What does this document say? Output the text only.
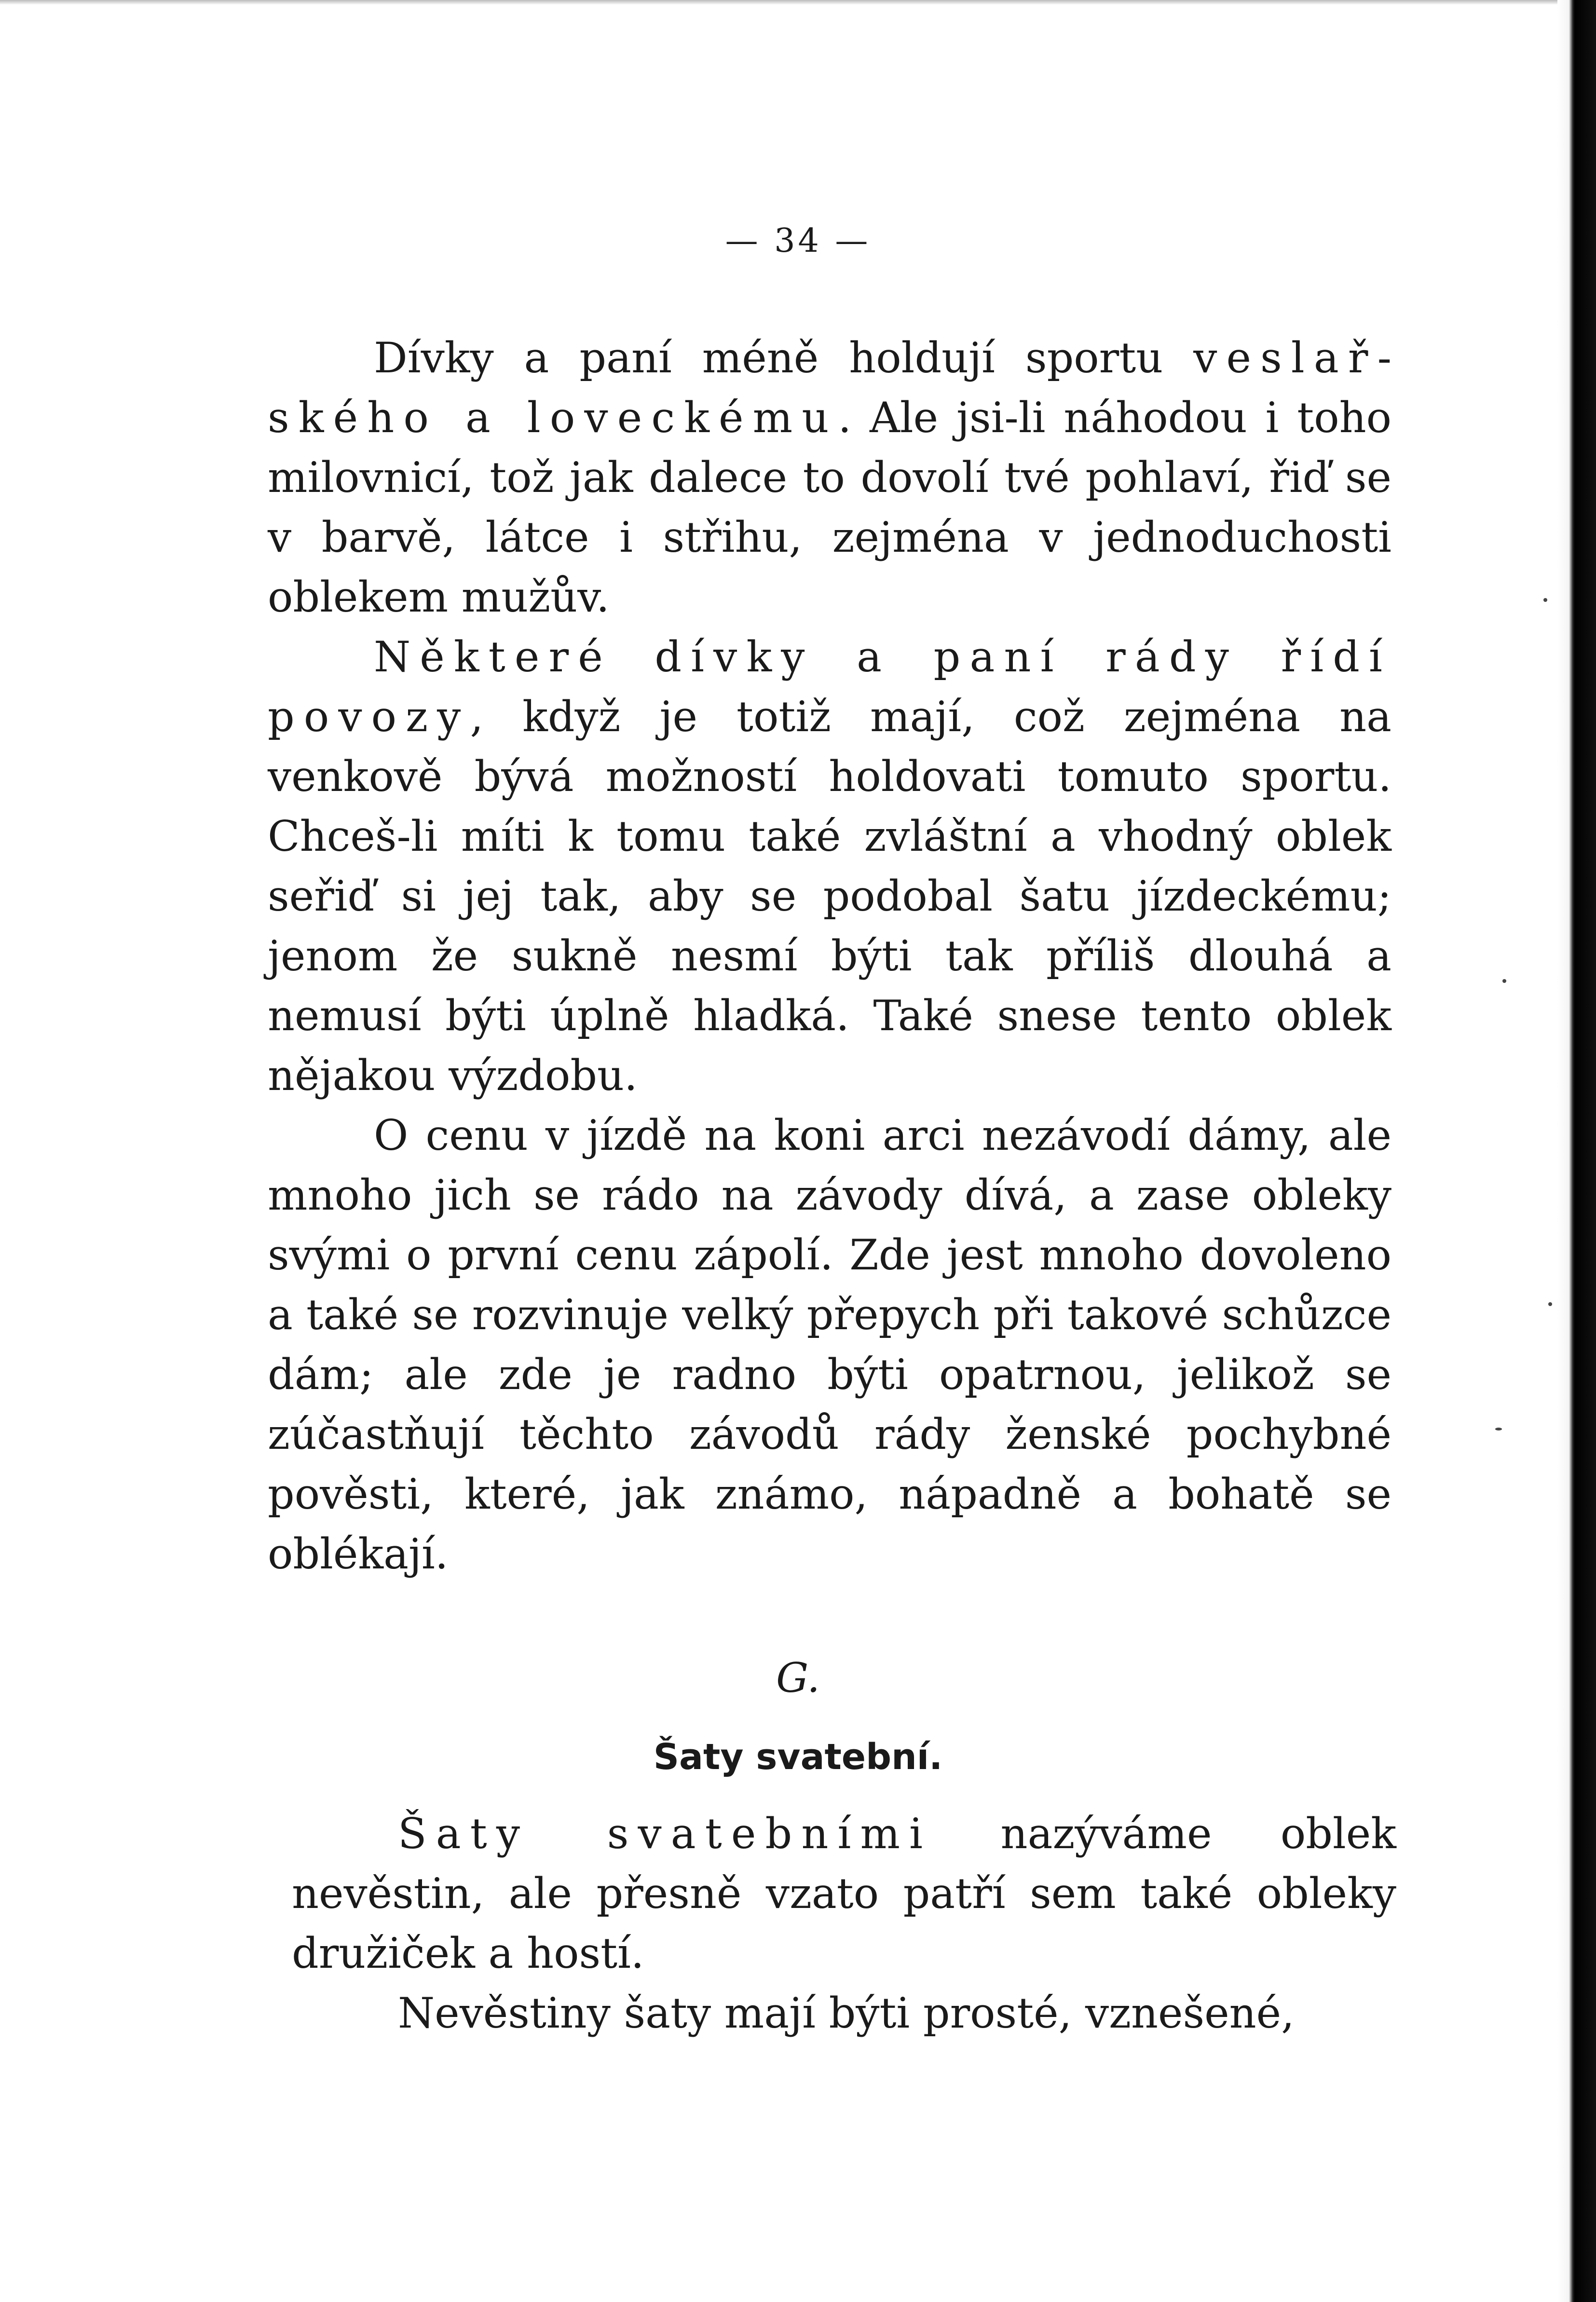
— 34 —

Dívky a paní méně holdují sportu veslařského a loveckému. Ale jsi-li náhodou i toho milovnicí, tož jak dalece to dovolí tvé pohlaví, řiď se v barvě, látce i střihu, zejména v jednoduchosti oblekem mužův.

Některé dívky a paní rády řídí povozy, když je totiž mají, což zejména na venkově bývá možností holdovati tomuto sportu. Chceš-li míti k tomu také zvláštní a vhodný oblek seřiď si jej tak, aby se podobal šatu jízdeckému; jenom že sukně nesmí býti tak příliš dlouhá a nemusí býti úplně hladká. Také snese tento oblek nějakou výzdobu.

O cenu v jízdě na koni arci nezávodí dámy, ale mnoho jich se rádo na závody dívá, a zase obleky svými o první cenu zápolí. Zde jest mnoho dovoleno a také se rozvinuje velký přepych při takové schůzce dám; ale zde je radno býti opatrnou, jelikož se zúčastňují těchto závodů rády ženské pochybné pověsti, které, jak známo, nápadně a bohatě se oblékají.

G.
Šaty svatební.

Šaty svatebními nazýváme oblek nevěstin, ale přesně vzato patří sem také obleky družiček a hostí.

Nevěstiny šaty mají býti prosté, vznešené,
